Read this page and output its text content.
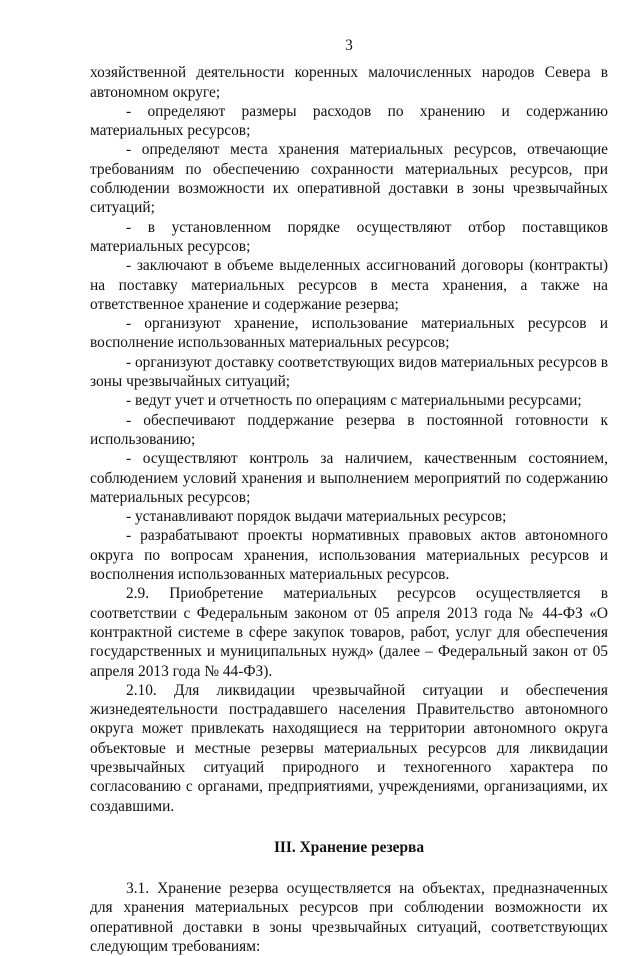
3

хозяйственной деятельности коренных малочисленных народов Севера в автономном округе;

- определяют размеры расходов по хранению и содержанию материальных ресурсов;

- определяют места хранения материальных ресурсов, отвечающие требованиям по обеспечению сохранности материальных ресурсов, при соблюдении возможности их оперативной доставки в зоны чрезвычайных ситуаций;

- в установленном порядке осуществляют отбор поставщиков материальных ресурсов;

- заключают в объеме выделенных ассигнований договоры (контракты) на поставку материальных ресурсов в места хранения, а также на ответственное хранение и содержание резерва;

- организуют хранение, использование материальных ресурсов и восполнение использованных материальных ресурсов;

- организуют доставку соответствующих видов материальных ресурсов в зоны чрезвычайных ситуаций;

- ведут учет и отчетность по операциям с материальными ресурсами;

- обеспечивают поддержание резерва в постоянной готовности к использованию;

- осуществляют контроль за наличием, качественным состоянием, соблюдением условий хранения и выполнением мероприятий по содержанию материальных ресурсов;

- устанавливают порядок выдачи материальных ресурсов;

- разрабатывают проекты нормативных правовых актов автономного округа по вопросам хранения, использования материальных ресурсов и восполнения использованных материальных ресурсов.

2.9. Приобретение материальных ресурсов осуществляется в соответствии с Федеральным законом от 05 апреля 2013 года № 44-ФЗ «О контрактной системе в сфере закупок товаров, работ, услуг для обеспечения государственных и муниципальных нужд» (далее – Федеральный закон от 05 апреля 2013 года № 44-ФЗ).

2.10. Для ликвидации чрезвычайной ситуации и обеспечения жизнедеятельности пострадавшего населения Правительство автономного округа может привлекать находящиеся на территории автономного округа объектовые и местные резервы материальных ресурсов для ликвидации чрезвычайных ситуаций природного и техногенного характера по согласованию с органами, предприятиями, учреждениями, организациями, их создавшими.

III. Хранение резерва

3.1. Хранение резерва осуществляется на объектах, предназначенных для хранения материальных ресурсов при соблюдении возможности их оперативной доставки в зоны чрезвычайных ситуаций, соответствующих следующим требованиям:
